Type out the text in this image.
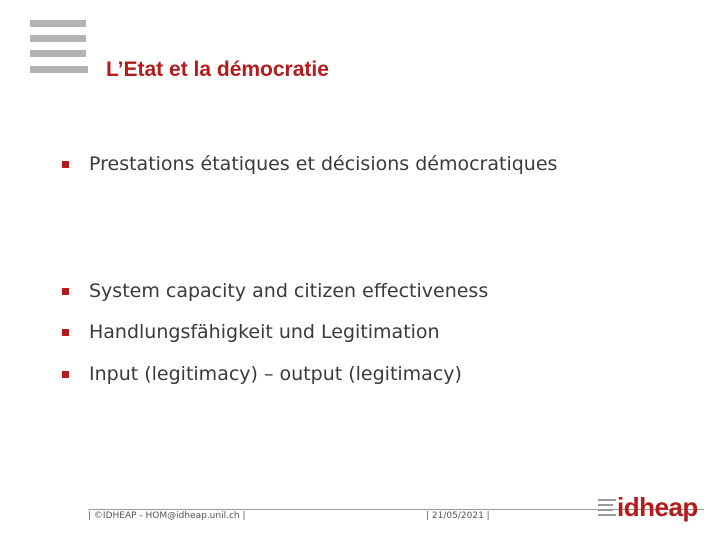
L’Etat et la démocratie
Prestations étatiques et décisions démocratiques
System capacity and citizen effectiveness
Handlungsfähigkeit und Legitimation
Input (legitimacy) – output (legitimacy)
| ©IDHEAP - HOM@idheap.unil.ch |	| 21/05/2021 |	idheap
